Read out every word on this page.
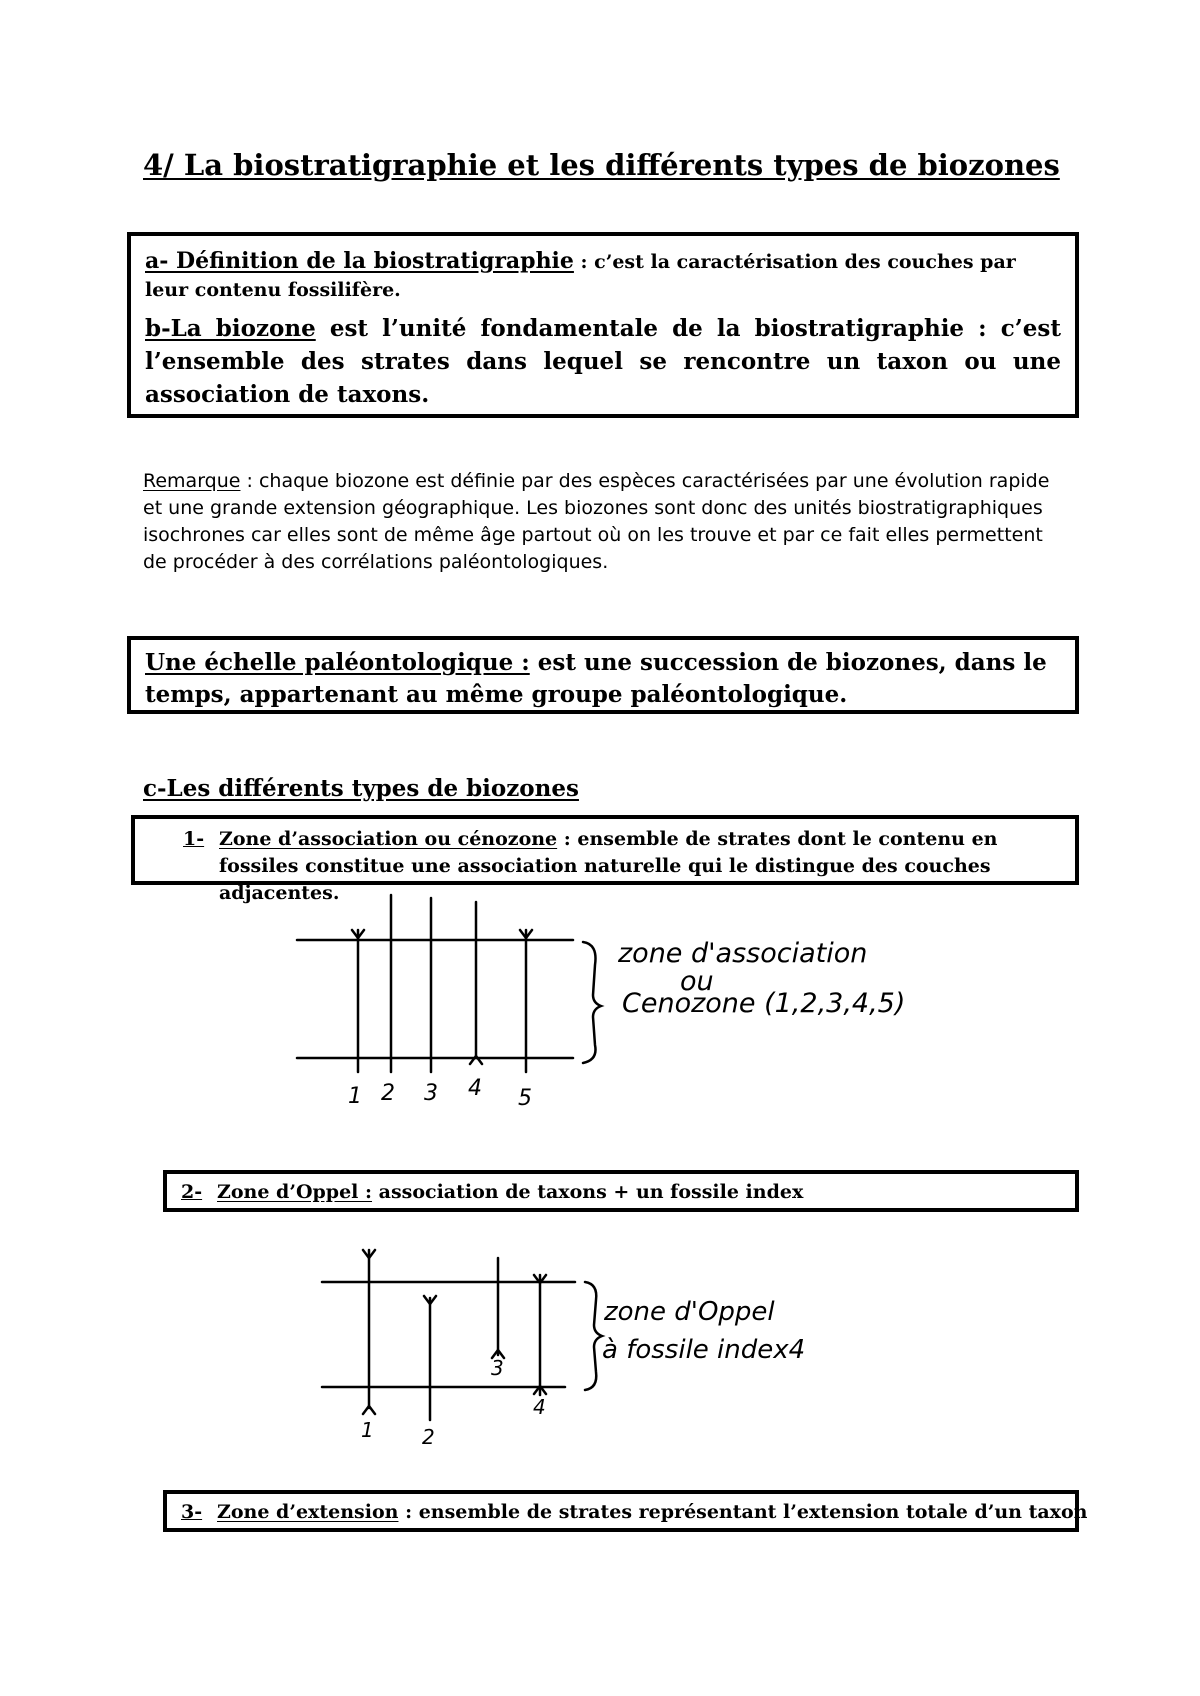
4/ La biostratigraphie et les différents types de biozones
a- Définition de la biostratigraphie : c’est la caractérisation des couches par leur contenu fossilifère.
b-La biozone est l’unité fondamentale de la biostratigraphie : c’est l’ensemble des strates dans lequel se rencontre un taxon ou une association de taxons.
Remarque : chaque biozone est définie par des espèces caractérisées par une évolution rapide et une grande extension géographique. Les biozones sont donc des unités biostratigraphiques isochrones car elles sont de même âge partout où on les trouve et par ce fait elles permettent de procéder à des corrélations paléontologiques.
Une échelle paléontologique : est une succession de biozones, dans le temps, appartenant au même groupe paléontologique.
c-Les différents types de biozones
1- Zone d’association ou cénozone : ensemble de strates dont le contenu en fossiles constitue une association naturelle qui le distingue des couches adjacentes.
1 2 3 4 5
zone d'association
ou
Cenozone (1,2,3,4,5)
2- Zone d’Oppel : association de taxons + un fossile index
1 2
3
4
zone d'Oppel
à fossile index4
3- Zone d’extension : ensemble de strates représentant l’extension totale d’un taxon
